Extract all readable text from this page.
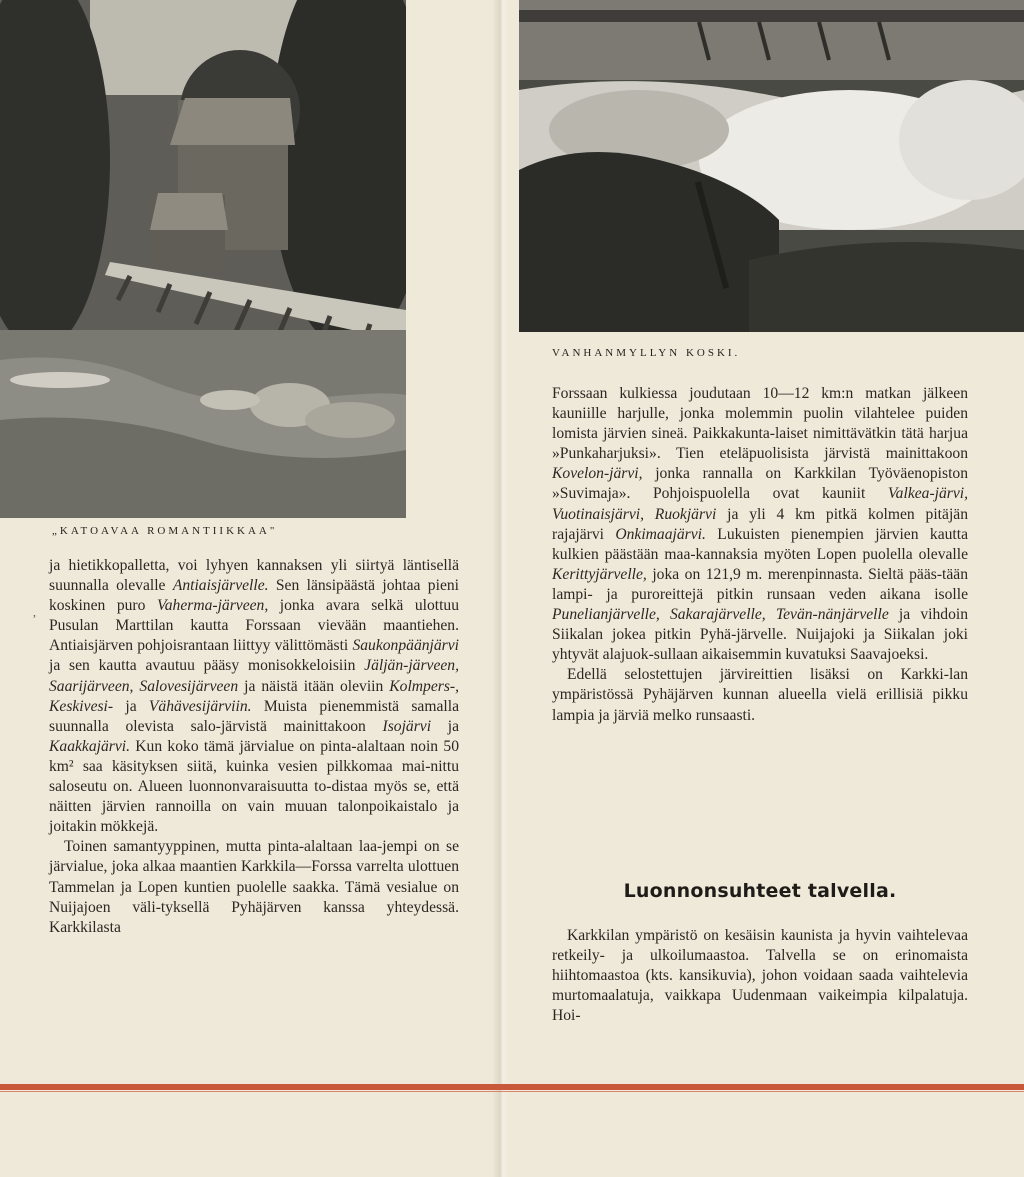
„KATOAVAA ROMANTIIKKAA"
VANHANMYLLYN KOSKI.
,

ja hietikkopalletta, voi lyhyen kannaksen yli siirtyä läntisellä suunnalla olevalle Antiaisjärvelle. Sen länsipäästä johtaa pieni koskinen puro Vaherma-järveen, jonka avara selkä ulottuu Pusulan Marttilan kautta Forssaan vievään maantiehen. Antiaisjärven pohjoisrantaan liittyy välittömästi Saukonpäänjärvi ja sen kautta avautuu pääsy monisokkeloisiin Jäljän-järveen, Saarijärveen, Salovesijärveen ja näistä itään oleviin Kolmpers-, Keskivesi- ja Vähävesijärviin. Muista pienemmistä samalla suunnalla olevista salo-järvistä mainittakoon Isojärvi ja Kaakkajärvi. Kun koko tämä järvialue on pinta-alaltaan noin 50 km² saa käsityksen siitä, kuinka vesien pilkkomaa mai-nittu saloseutu on. Alueen luonnonvaraisuutta to-distaa myös se, että näitten järvien rannoilla on vain muuan talonpoikaistalo ja joitakin mökkejä.

Toinen samantyyppinen, mutta pinta-alaltaan laa-jempi on se järvialue, joka alkaa maantien Karkkila—Forssa varrelta ulottuen Tammelan ja Lopen kuntien puolelle saakka. Tämä vesialue on Nuijajoen väli-tyksellä Pyhäjärven kanssa yhteydessä. Karkkilasta

Forssaan kulkiessa joudutaan 10—12 km:n matkan jälkeen kauniille harjulle, jonka molemmin puolin vilahtelee puiden lomista järvien sineä. Paikkakunta-laiset nimittävätkin tätä harjua »Punkaharjuksi». Tien eteläpuolisista järvistä mainittakoon Kovelon-järvi, jonka rannalla on Karkkilan Työväenopiston »Suvimaja». Pohjoispuolella ovat kauniit Valkea-järvi, Vuotinaisjärvi, Ruokjärvi ja yli 4 km pitkä kolmen pitäjän rajajärvi Onkimaajärvi. Lukuisten pienempien järvien kautta kulkien päästään maa-kannaksia myöten Lopen puolella olevalle Kerittyjärvelle, joka on 121,9 m. merenpinnasta. Sieltä pääs-tään lampi- ja puroreittejä pitkin runsaan veden aikana isolle Punelianjärvelle, Sakarajärvelle, Tevän-nänjärvelle ja vihdoin Siikalan jokea pitkin Pyhä-järvelle. Nuijajoki ja Siikalan joki yhtyvät alajuok-sullaan aikaisemmin kuvatuksi Saavajoeksi.

Edellä selostettujen järvireittien lisäksi on Karkki-lan ympäristössä Pyhäjärven kunnan alueella vielä erillisiä pikku lampia ja järviä melko runsaasti.

Luonnonsuhteet talvella.

Karkkilan ympäristö on kesäisin kaunista ja hyvin vaihtelevaa retkeily- ja ulkoilumaastoa. Talvella se on erinomaista hiihtomaastoa (kts. kansikuvia), johon voidaan saada vaihtelevia murtomaalatuja, vaikkapa Uudenmaan vaikeimpia kilpalatuja. Hoi-
